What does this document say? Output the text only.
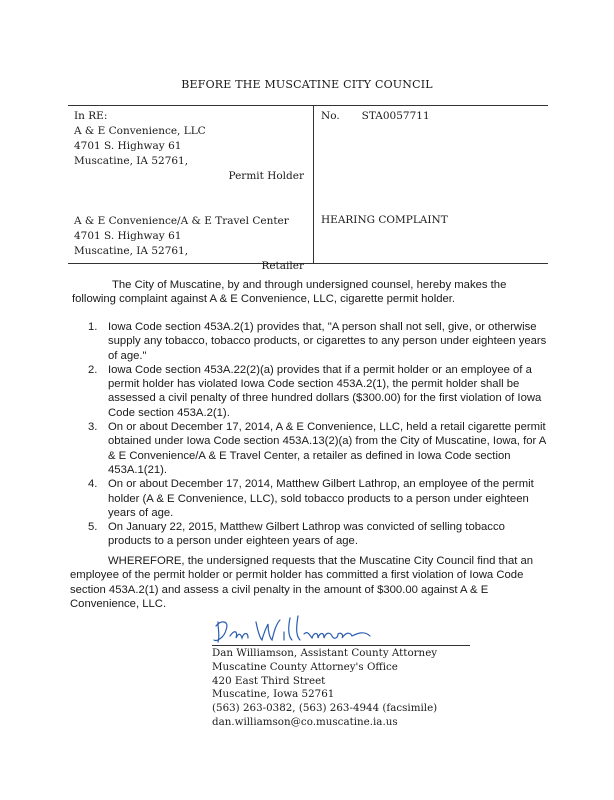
BEFORE THE MUSCATINE CITY COUNCIL
In RE:
A & E Convenience, LLC
4701 S. Highway 61
Muscatine, IA 52761,
Permit Holder
A & E Convenience/A & E Travel Center
4701 S. Highway 61
Muscatine, IA 52761,
Retailer
No. STA0057711
HEARING COMPLAINT

The City of Muscatine, by and through undersigned counsel, hereby makes the following complaint against A & E Convenience, LLC, cigarette permit holder.

1. Iowa Code section 453A.2(1) provides that, "A person shall not sell, give, or otherwise supply any tobacco, tobacco products, or cigarettes to any person under eighteen years of age."
2. Iowa Code section 453A.22(2)(a) provides that if a permit holder or an employee of a permit holder has violated Iowa Code section 453A.2(1), the permit holder shall be assessed a civil penalty of three hundred dollars ($300.00) for the first violation of Iowa Code section 453A.2(1).
3. On or about December 17, 2014, A & E Convenience, LLC, held a retail cigarette permit obtained under Iowa Code section 453A.13(2)(a) from the City of Muscatine, Iowa, for A & E Convenience/A & E Travel Center, a retailer as defined in Iowa Code section 453A.1(21).
4. On or about December 17, 2014, Matthew Gilbert Lathrop, an employee of the permit holder (A & E Convenience, LLC), sold tobacco products to a person under eighteen years of age.
5. On January 22, 2015, Matthew Gilbert Lathrop was convicted of selling tobacco products to a person under eighteen years of age.

WHEREFORE, the undersigned requests that the Muscatine City Council find that an employee of the permit holder or permit holder has committed a first violation of Iowa Code section 453A.2(1) and assess a civil penalty in the amount of $300.00 against A & E Convenience, LLC.

Dan Williamson, Assistant County Attorney
Muscatine County Attorney's Office
420 East Third Street
Muscatine, Iowa 52761
(563) 263-0382, (563) 263-4944 (facsimile)
dan.williamson@co.muscatine.ia.us
